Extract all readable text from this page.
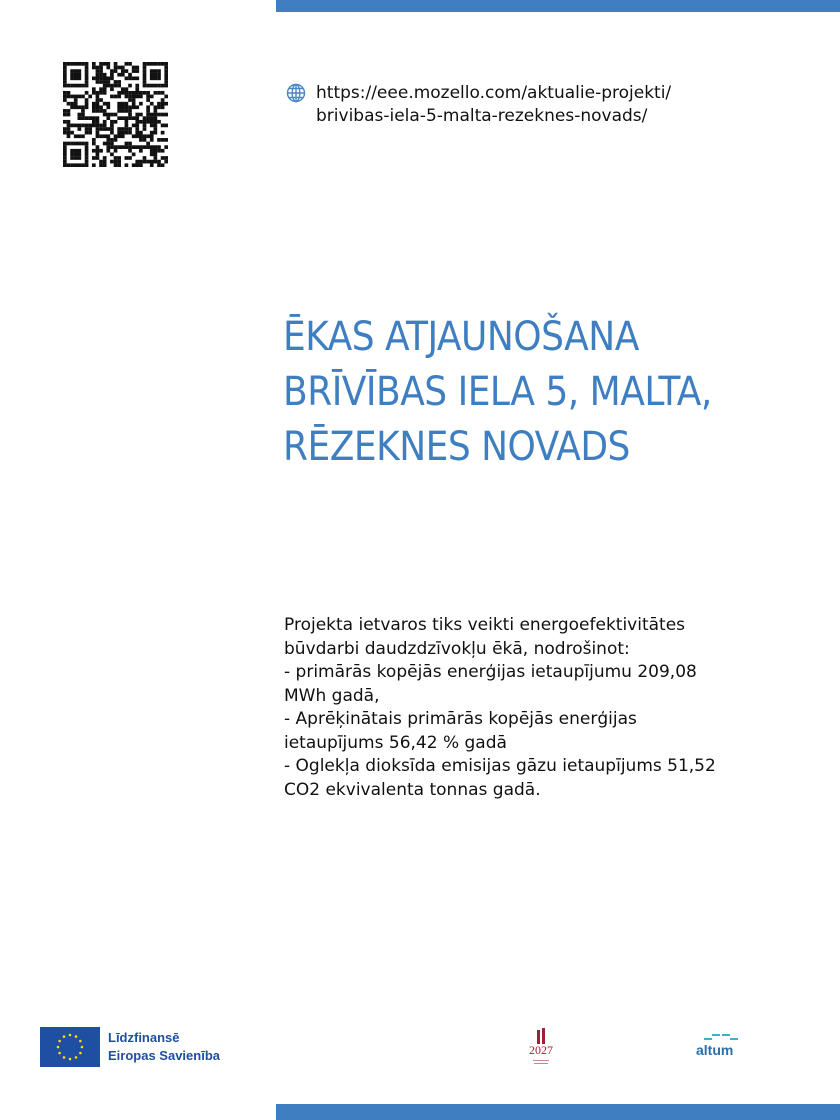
https://eee.mozello.com/aktualie-projekti/
brivibas-iela-5-malta-rezeknes-novads/
ĒKAS ATJAUNOŠANA
BRĪVĪBAS IELA 5, MALTA,
RĒZEKNES NOVADS
Projekta ietvaros tiks veikti energoefektivitātes
būvdarbi daudzdzīvokļu ēkā, nodrošinot:
- primārās kopējās enerģijas ietaupījumu 209,08
MWh gadā,
- Aprēķinātais primārās kopējās enerģijas
ietaupījums 56,42 % gadā
- Oglekļa dioksīda emisijas gāzu ietaupījums 51,52
CO2 ekvivalenta tonnas gadā.
Līdzfinansē
Eiropas Savienība	2027	altum
